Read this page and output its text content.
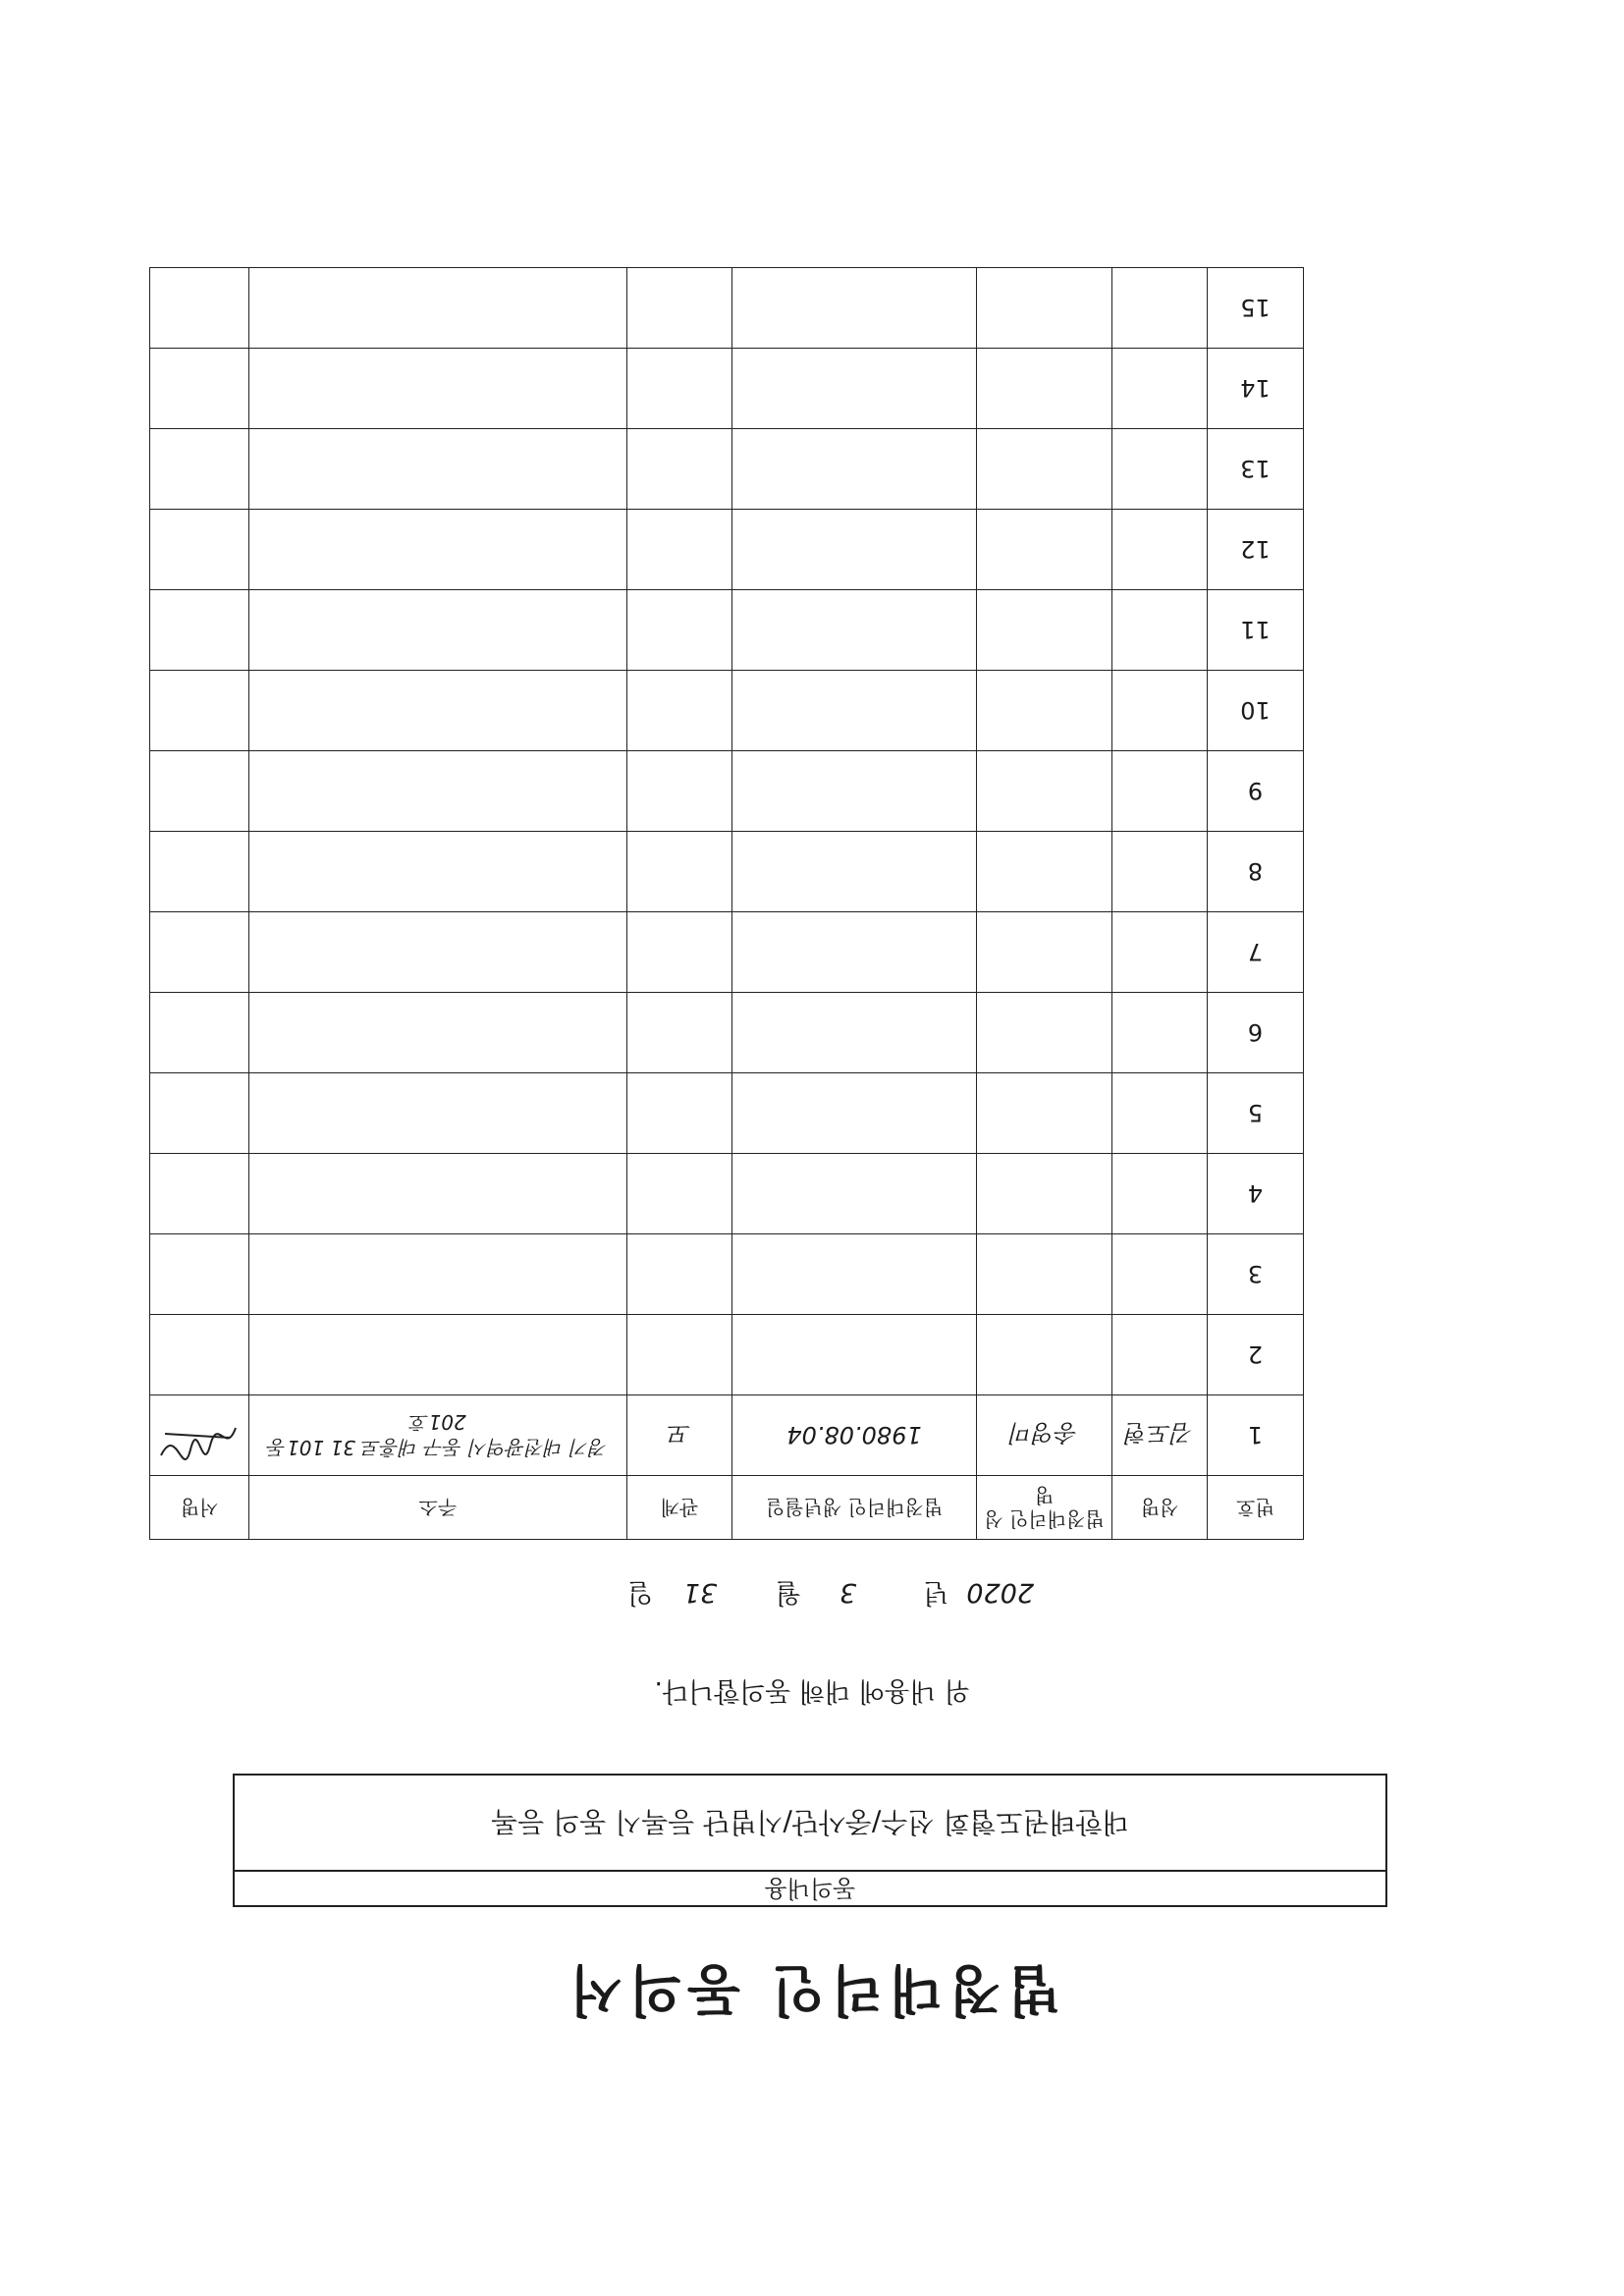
법정대리인 동의서
동의내용
대한태권도협회 선수/중사단/시범단 등록시 동의 등록
위 내용에 대해 동의합니다.
2020년 3월 31일
번호	성명	법정대리인 성명	법정대리인 생년월일	관계	주소	서명
1	김도현	송영미	1980.08.04	모	경기 대전광역시 동구 대흥로 31 101동 201호	
2						
3						
4						
5						
6						
7						
8						
9						
10						
11						
12						
13						
14						
15						
